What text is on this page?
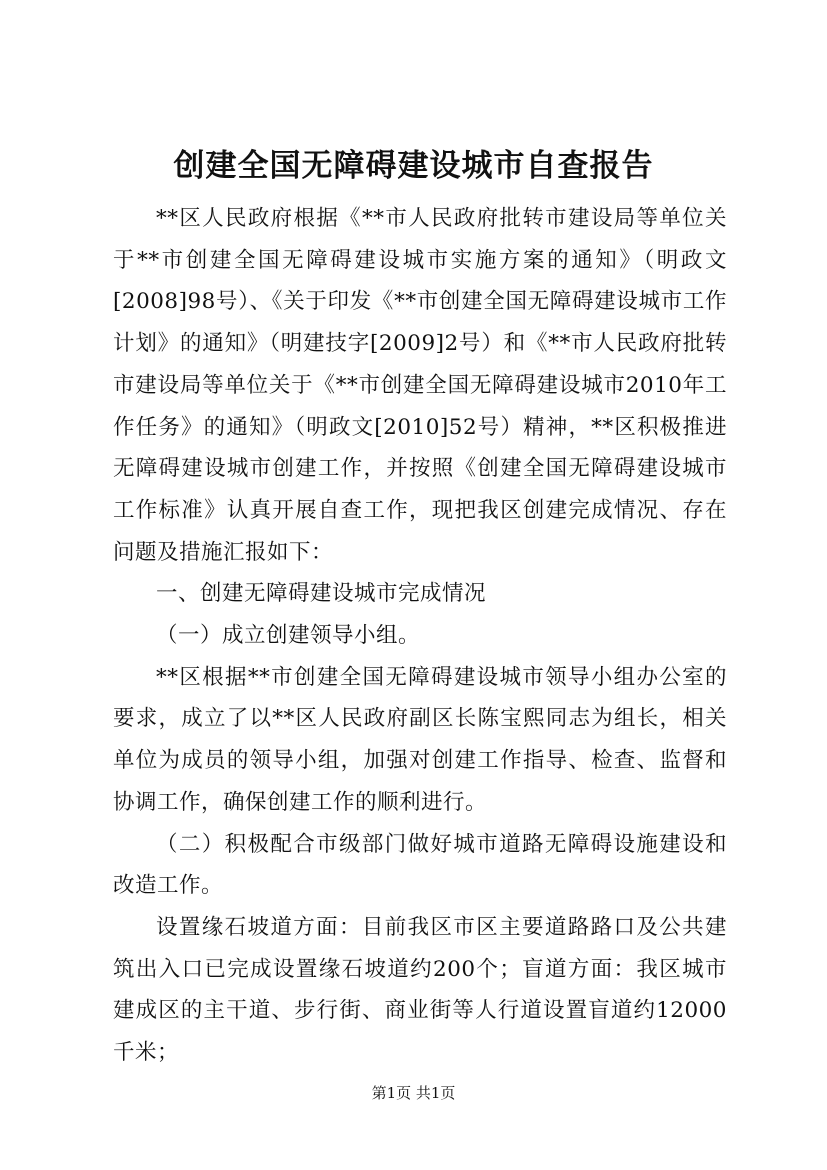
创建全国无障碍建设城市自查报告

**区人民政府根据《**市人民政府批转市建设局等单位关于**市创建全国无障碍建设城市实施方案的通知》（明政文[2008]98号）、《关于印发《**市创建全国无障碍建设城市工作计划》的通知》（明建技字[2009]2号）和《**市人民政府批转市建设局等单位关于《**市创建全国无障碍建设城市2010年工作任务》的通知》（明政文[2010]52号）精神，**区积极推进无障碍建设城市创建工作，并按照《创建全国无障碍建设城市工作标准》认真开展自查工作，现把我区创建完成情况、存在问题及措施汇报如下：

一、创建无障碍建设城市完成情况

（一）成立创建领导小组。

**区根据**市创建全国无障碍建设城市领导小组办公室的要求，成立了以**区人民政府副区长陈宝熙同志为组长，相关单位为成员的领导小组，加强对创建工作指导、检查、监督和协调工作，确保创建工作的顺利进行。

（二）积极配合市级部门做好城市道路无障碍设施建设和改造工作。

设置缘石坡道方面：目前我区市区主要道路路口及公共建筑出入口已完成设置缘石坡道约200个；盲道方面：我区城市建成区的主干道、步行街、商业街等人行道设置盲道约12000千米；

第1页 共1页
